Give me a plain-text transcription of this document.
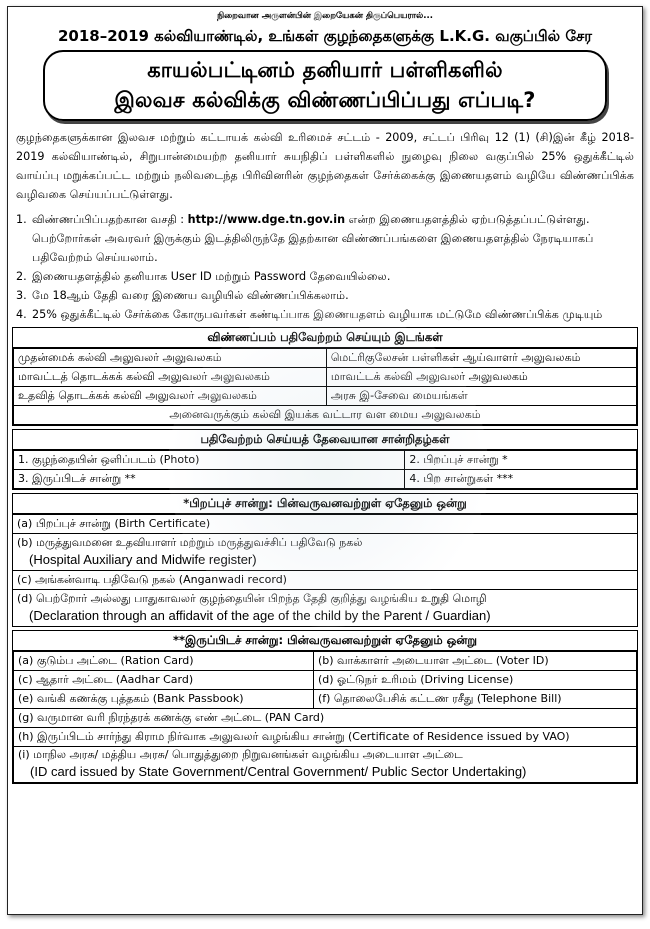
நிறைவான அருளன்பின் இறையேகன் திருப்பெயரால்...
2018–2019 கல்வியாண்டில், உங்கள் குழந்தைகளுக்கு L.K.G. வகுப்பில் சேர
காயல்பட்டினம் தனியார் பள்ளிகளில்
இலவச கல்விக்கு விண்ணப்பிப்பது எப்படி?
குழந்தைகளுக்கான இலவச மற்றும் கட்டாயக் கல்வி உரிமைச் சட்டம் - 2009, சட்டப் பிரிவு 12 (1) (சி)இன் கீழ் 2018-2019 கல்வியாண்டில், சிறுபான்மையற்ற தனியார் சுயநிதிப் பள்ளிகளில் நுழைவு நிலை வகுப்பில் 25% ஒதுக்கீட்டில் வாய்ப்பு மறுக்கப்பட்ட மற்றும் நலிவடைந்த பிரிவினரின் குழந்தைகள் சேர்க்கைக்கு இணையதளம் வழியே விண்ணப்பிக்க வழிவகை செய்யப்பட்டுள்ளது.
1. விண்ணப்பிப்பதற்கான வசதி : http://www.dge.tn.gov.in என்ற இணையதளத்தில் ஏற்படுத்தப்பட்டுள்ளது. பெற்றோர்கள் அவரவர் இருக்கும் இடத்திலிருந்தே இதற்கான விண்ணப்பங்களை இணையதளத்தில் நேரடியாகப் பதிவேற்றம் செய்யலாம்.
2. இணையதளத்தில் தனியாக User ID மற்றும் Password தேவையில்லை.
3. மே 18ஆம் தேதி வரை இணைய வழியில் விண்ணப்பிக்கலாம்.
4. 25% ஒதுக்கீட்டில் சேர்க்கை கோருபவர்கள் கண்டிப்பாக இணையதளம் வழியாக மட்டுமே விண்ணப்பிக்க முடியும்
விண்ணப்பம் பதிவேற்றம் செய்யும் இடங்கள்
முதன்மைக் கல்வி அலுவலர் அலுவலகம்	மெட்ரிகுலேசன் பள்ளிகள் ஆய்வாளர் அலுவலகம்
மாவட்டத் தொடக்கக் கல்வி அலுவலர் அலுவலகம்	மாவட்டக் கல்வி அலுவலர் அலுவலகம்
உதவித் தொடக்கக் கல்வி அலுவலர் அலுவலகம்	அரசு இ-சேவை மையங்கள்
அனைவருக்கும் கல்வி இயக்க வட்டார வள மைய அலுவலகம்	
பதிவேற்றம் செய்யத் தேவையான சான்றிதழ்கள்
1. குழந்தையின் ஒளிப்படம் (Photo)	2. பிறப்புச் சான்று *
3. இருப்பிடச் சான்று **	4. பிற சான்றுகள் ***
*பிறப்புச் சான்று: பின்வருவனவற்றுள் ஏதேனும் ஒன்று
(a) பிறப்புச் சான்று (Birth Certificate)
(b) மருத்துவமனை உதவியாளர் மற்றும் மருத்துவச்சிப் பதிவேடு நகல்
(Hospital Auxiliary and Midwife register)
(c) அங்கன்வாடி பதிவேடு நகல் (Anganwadi record)
(d) பெற்றோர் அல்லது பாதுகாவலர் குழந்தையின் பிறந்த தேதி குறித்து வழங்கிய உறுதி மொழி
(Declaration through an affidavit of the age of the child by the Parent / Guardian)
**இருப்பிடச் சான்று: பின்வருவனவற்றுள் ஏதேனும் ஒன்று
(a) குடும்ப அட்டை (Ration Card)	(b) வாக்காளர் அடையாள அட்டை (Voter ID)
(c) ஆதார் அட்டை (Aadhar Card)	(d) ஓட்டுநர் உரிமம் (Driving License)
(e) வங்கி கணக்கு புத்தகம் (Bank Passbook)	(f) தொலைபேசிக் கட்டண ரசீது (Telephone Bill)
(g) வருமான வரி நிரந்தரக் கணக்கு எண் அட்டை (PAN Card)	
(h) இருப்பிடம் சார்ந்து கிராம நிர்வாக அலுவலர் வழங்கிய சான்று (Certificate of Residence issued by VAO)	
(i) மாநில அரசு/ மத்திய அரசு/ பொதுத்துறை நிறுவனங்கள் வழங்கிய அடையாள அட்டை
(ID card issued by State Government/Central Government/ Public Sector Undertaking)	
